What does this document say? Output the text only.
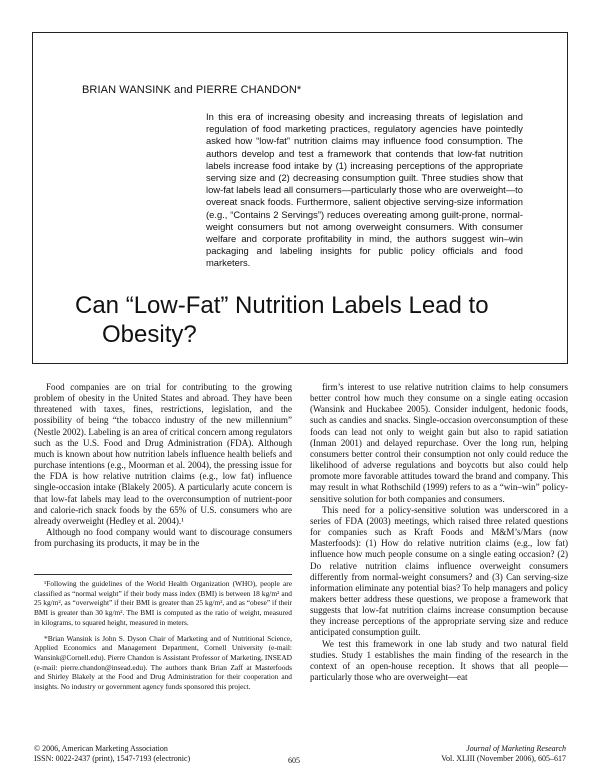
BRIAN WANSINK and PIERRE CHANDON*
In this era of increasing obesity and increasing threats of legislation and regulation of food marketing practices, regulatory agencies have pointedly asked how “low-fat” nutrition claims may influence food consumption. The authors develop and test a framework that contends that low-fat nutrition labels increase food intake by (1) increasing perceptions of the appropriate serving size and (2) decreasing consumption guilt. Three studies show that low-fat labels lead all consumers—particularly those who are overweight—to overeat snack foods. Furthermore, salient objective serving-size information (e.g., “Contains 2 Servings”) reduces overeating among guilt-prone, normal-weight consumers but not among overweight consumers. With consumer welfare and corporate profitability in mind, the authors suggest win–win packaging and labeling insights for public policy officials and food marketers.
Can “Low-Fat” Nutrition Labels Lead to
Obesity?

Food companies are on trial for contributing to the growing problem of obesity in the United States and abroad. They have been threatened with taxes, fines, restrictions, legislation, and the possibility of being “the tobacco industry of the new millennium” (Nestle 2002). Labeling is an area of critical concern among regulators such as the U.S. Food and Drug Administration (FDA). Although much is known about how nutrition labels influence health beliefs and purchase intentions (e.g., Moorman et al. 2004), the pressing issue for the FDA is how relative nutrition claims (e.g., low fat) influence single-occasion intake (Blakely 2005). A particularly acute concern is that low-fat labels may lead to the overconsumption of nutrient-poor and calorie-rich snack foods by the 65% of U.S. consumers who are already overweight (Hedley et al. 2004).¹

Although no food company would want to discourage consumers from purchasing its products, it may be in the

¹Following the guidelines of the World Health Organization (WHO), people are classified as “normal weight” if their body mass index (BMI) is between 18 kg/m² and 25 kg/m², as “overweight” if their BMI is greater than 25 kg/m², and as “obese” if their BMI is greater than 30 kg/m². The BMI is computed as the ratio of weight, measured in kilograms, to squared height, measured in meters.

*Brian Wansink is John S. Dyson Chair of Marketing and of Nutritional Science, Applied Economics and Management Department, Cornell University (e-mail: Wansink@Cornell.edu). Pierre Chandon is Assistant Professor of Marketing, INSEAD (e-mail: pierre.chandon@insead.edu). The authors thank Brian Zaff at Masterfoods and Shirley Blakely at the Food and Drug Administration for their cooperation and insights. No industry or government agency funds sponsored this project.

firm’s interest to use relative nutrition claims to help consumers better control how much they consume on a single eating occasion (Wansink and Huckabee 2005). Consider indulgent, hedonic foods, such as candies and snacks. Single-occasion overconsumption of these foods can lead not only to weight gain but also to rapid satiation (Inman 2001) and delayed repurchase. Over the long run, helping consumers better control their consumption not only could reduce the likelihood of adverse regulations and boycotts but also could help promote more favorable attitudes toward the brand and company. This may result in what Rothschild (1999) refers to as a “win–win” policy-sensitive solution for both companies and consumers.

This need for a policy-sensitive solution was underscored in a series of FDA (2003) meetings, which raised three related questions for companies such as Kraft Foods and M&M’s/Mars (now Masterfoods): (1) How do relative nutrition claims (e.g., low fat) influence how much people consume on a single eating occasion? (2) Do relative nutrition claims influence overweight consumers differently from normal-weight consumers? and (3) Can serving-size information eliminate any potential bias? To help managers and policy makers better address these questions, we propose a framework that suggests that low-fat nutrition claims increase consumption because they increase perceptions of the appropriate serving size and reduce anticipated consumption guilt.

We test this framework in one lab study and two natural field studies. Study 1 establishes the main finding of the research in the context of an open-house reception. It shows that all people—particularly those who are overweight—eat

© 2006, American Marketing Association
ISSN: 0022-2437 (print), 1547-7193 (electronic)	605
Journal of Marketing Research
Vol. XLIII (November 2006), 605–617
